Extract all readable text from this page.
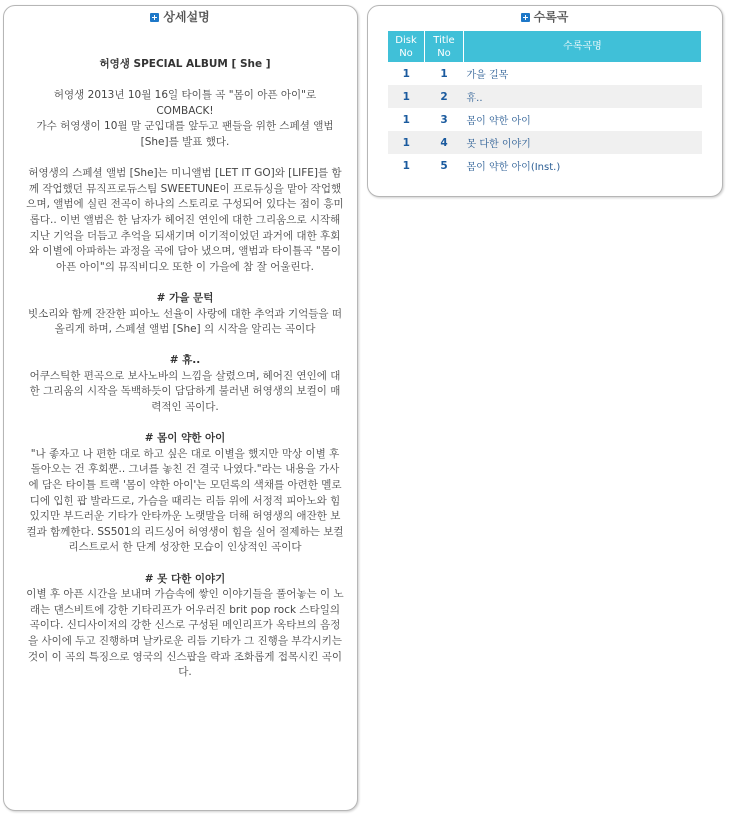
허영생 SPECIAL ALBUM [ She ]

허영생 2013년 10월 16일 타이틀 곡 "몸이 아픈 아이"로 COMBACK!
가수 허영생이 10월 말 군입대를 앞두고 팬들을 위한 스페셜 앨범 [She]를 발표 했다.

허영생의 스페셜 앨범 [She]는 미니앨범 [LET IT GO]와 [LIFE]를 함께 작업했던 뮤직프로듀스팀 SWEETUNE이 프로듀싱을 맡아 작업했으며, 앨범에 실린 전곡이 하나의 스토리로 구성되어 있다는 점이 흥미롭다.. 이번 앨범은 한 남자가 헤어진 연인에 대한 그리움으로 시작해 지난 기억을 더듬고 추억을 되새기며 이기적이었던 과거에 대한 후회와 이별에 아파하는 과정을 곡에 담아 냈으며, 앨범과 타이틀곡 "몸이 아픈 아이"의 뮤직비디오 또한 이 가을에 참 잘 어울린다.

# 가을 문턱
빗소리와 함께 잔잔한 피아노 선율이 사랑에 대한 추억과 기억들을 떠올리게 하며, 스페셜 앨범 [She] 의 시작을 알리는 곡이다

# 휴..
어쿠스틱한 편곡으로 보사노바의 느낌을 살렸으며, 헤어진 연인에 대한 그리움의 시작을 독백하듯이 담담하게 불러낸 허영생의 보컬이 매력적인 곡이다.

# 몸이 약한 아이
"나 좋자고 나 편한 대로 하고 싶은 대로 이별을 했지만 막상 이별 후 돌아오는 건 후회뿐.. 그녀를 놓친 건 결국 나였다."라는 내용을 가사에 담은 타이틀 트랙 '몸이 약한 아이'는 모던록의 색채를 아련한 멜로디에 입힌 팝 발라드로, 가슴을 때리는 리듬 위에 서정적 피아노와 힘있지만 부드러운 기타가 안타까운 노랫말을 더해 허영생의 애잔한 보컬과 함께한다. SS501의 리드싱어 허영생이 힘을 실어 절제하는 보컬리스트로서 한 단계 성장한 모습이 인상적인 곡이다

# 못 다한 이야기
이별 후 아픈 시간을 보내며 가슴속에 쌓인 이야기들을 풀어놓는 이 노래는 댄스비트에 강한 기타리프가 어우러진 brit pop rock 스타일의 곡이다. 신디사이저의 강한 신스로 구성된 메인리프가 옥타브의 음정을 사이에 두고 진행하며 날카로운 리듬 기타가 그 진행을 부각시키는 것이 이 곡의 특징으로 영국의 신스팝을 락과 조화롭게 접목시킨 곡이다.

상세설명
Disk No	Title No	수록곡명
1	1	가을 길목
1	2	휴..
1	3	몸이 약한 아이
1	4	못 다한 이야기
1	5	몸이 약한 아이(Inst.)
수록곡
